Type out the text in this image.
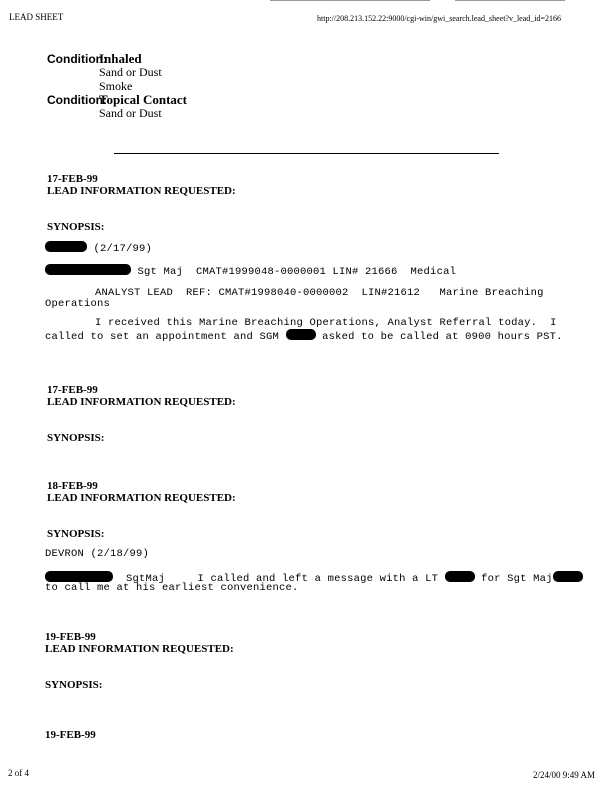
LEAD SHEET	http://208.213.152.22:9000/cgi-win/gwi_search.lead_sheet?v_lead_id=2166
Condition:
Inhaled
Sand or Dust
Smoke
Condition:
Topical Contact
Sand or Dust
17-FEB-99
LEAD INFORMATION REQUESTED:
SYNOPSIS:
(2/17/99)
Sgt Maj  CMAT#1999048-0000001 LIN# 21666  Medical
ANALYST LEAD  REF: CMAT#1998040-0000002  LIN#21612   Marine Breaching
Operations
I received this Marine Breaching Operations, Analyst Referral today.  I
called to set an appointment and SGM	asked to be called at 0900 hours PST.
17-FEB-99
LEAD INFORMATION REQUESTED:
SYNOPSIS:
18-FEB-99
LEAD INFORMATION REQUESTED:
SYNOPSIS:
DEVRON (2/18/99)
SgtMaj	I called and left a message with a LT	for Sgt Maj
to call me at his earliest convenience.
19-FEB-99
LEAD INFORMATION REQUESTED:
SYNOPSIS:
19-FEB-99
2 of 4	2/24/00 9:49 AM
